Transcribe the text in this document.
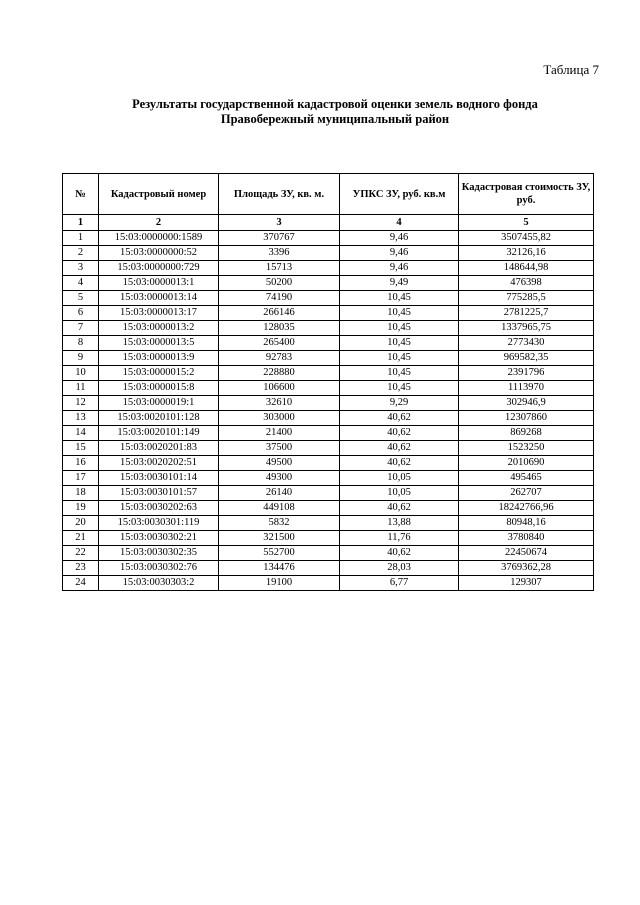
Таблица 7
Результаты государственной кадастровой оценки земель водного фонда
Правобережный муниципальный район
№	Кадастровый номер	Площадь ЗУ, кв. м.	УПКС ЗУ, руб. кв.м	Кадастровая стоимость ЗУ, руб.
1	2	3	4	5
1	15:03:0000000:1589	370767	9,46	3507455,82
2	15:03:0000000:52	3396	9,46	32126,16
3	15:03:0000000:729	15713	9,46	148644,98
4	15:03:0000013:1	50200	9,49	476398
5	15:03:0000013:14	74190	10,45	775285,5
6	15:03:0000013:17	266146	10,45	2781225,7
7	15:03:0000013:2	128035	10,45	1337965,75
8	15:03:0000013:5	265400	10,45	2773430
9	15:03:0000013:9	92783	10,45	969582,35
10	15:03:0000015:2	228880	10,45	2391796
11	15:03:0000015:8	106600	10,45	1113970
12	15:03:0000019:1	32610	9,29	302946,9
13	15:03:0020101:128	303000	40,62	12307860
14	15:03:0020101:149	21400	40,62	869268
15	15:03:0020201:83	37500	40,62	1523250
16	15:03:0020202:51	49500	40,62	2010690
17	15:03:0030101:14	49300	10,05	495465
18	15:03:0030101:57	26140	10,05	262707
19	15:03:0030202:63	449108	40,62	18242766,96
20	15:03:0030301:119	5832	13,88	80948,16
21	15:03:0030302:21	321500	11,76	3780840
22	15:03:0030302:35	552700	40,62	22450674
23	15:03:0030302:76	134476	28,03	3769362,28
24	15:03:0030303:2	19100	6,77	129307
